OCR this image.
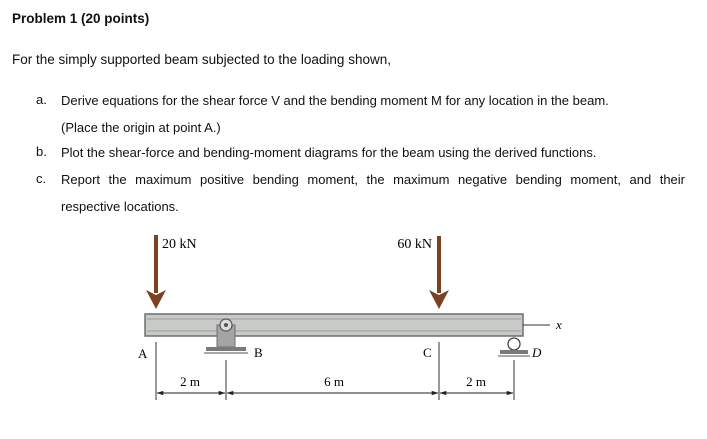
Problem 1 (20 points)
For the simply supported beam subjected to the loading shown,
a. Derive equations for the shear force V and the bending moment M for any location in the beam.
(Place the origin at point A.)
b. Plot the shear-force and bending-moment diagrams for the beam using the derived functions.
c. Report the maximum positive bending moment, the maximum negative bending moment, and their
respective locations.
20 kN	60 kN
x
A	B	C	D
2 m	6 m	2 m
